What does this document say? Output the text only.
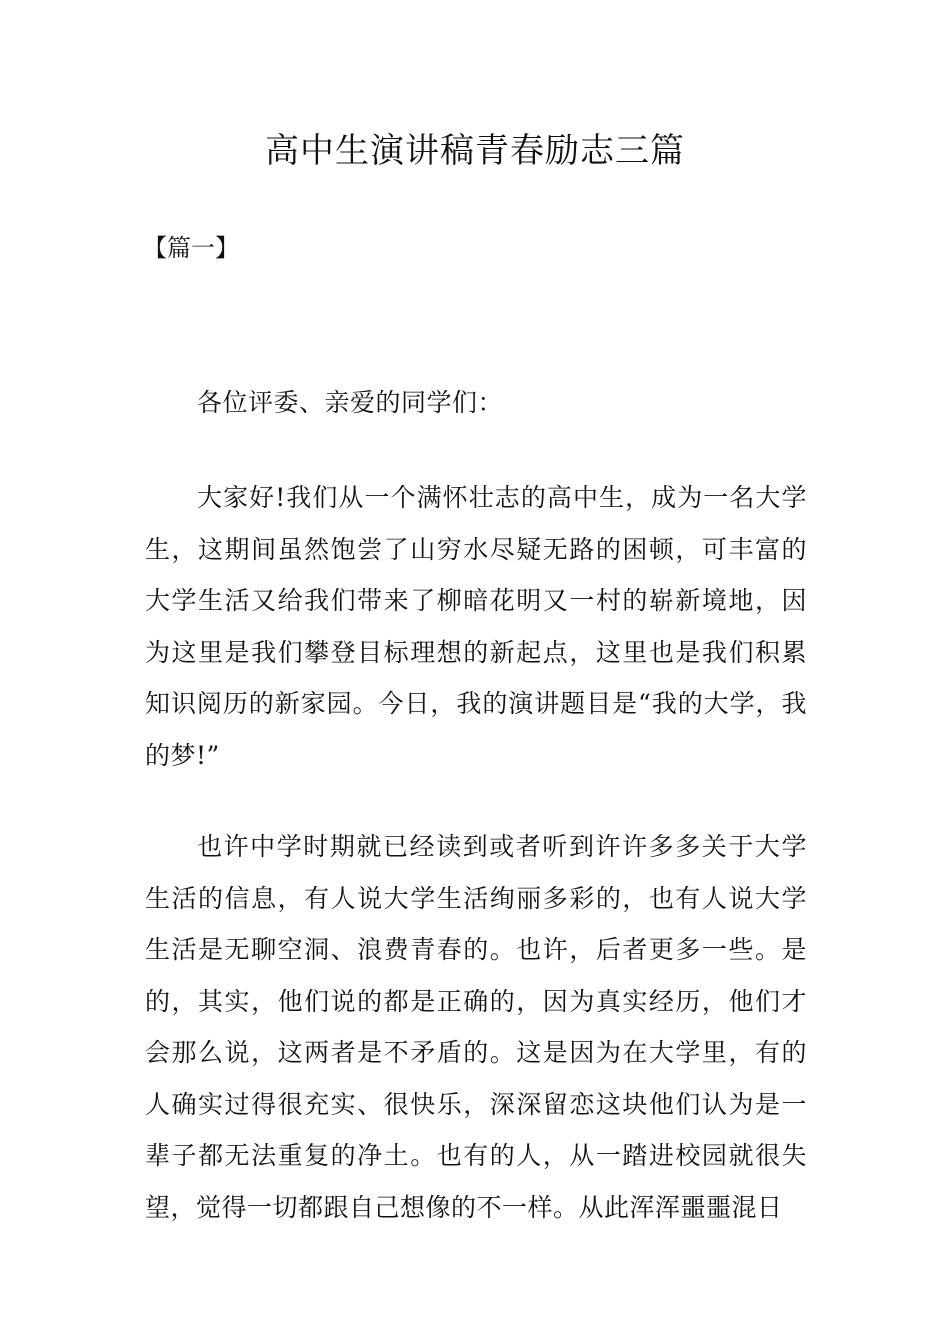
高中生演讲稿青春励志三篇

【篇一】

各位评委、亲爱的同学们：

大家好!我们从一个满怀壮志的高中生，成为一名大学生，这期间虽然饱尝了山穷水尽疑无路的困顿，可丰富的大学生活又给我们带来了柳暗花明又一村的崭新境地，因为这里是我们攀登目标理想的新起点，这里也是我们积累知识阅历的新家园。今日，我的演讲题目是“我的大学，我的梦!”

也许中学时期就已经读到或者听到许许多多关于大学生活的信息，有人说大学生活绚丽多彩的，也有人说大学生活是无聊空洞、浪费青春的。也许，后者更多一些。是的，其实，他们说的都是正确的，因为真实经历，他们才会那么说，这两者是不矛盾的。这是因为在大学里，有的人确实过得很充实、很快乐，深深留恋这块他们认为是一辈子都无法重复的净土。也有的人，从一踏进校园就很失望，觉得一切都跟自己想像的不一样。从此浑浑噩噩混日
